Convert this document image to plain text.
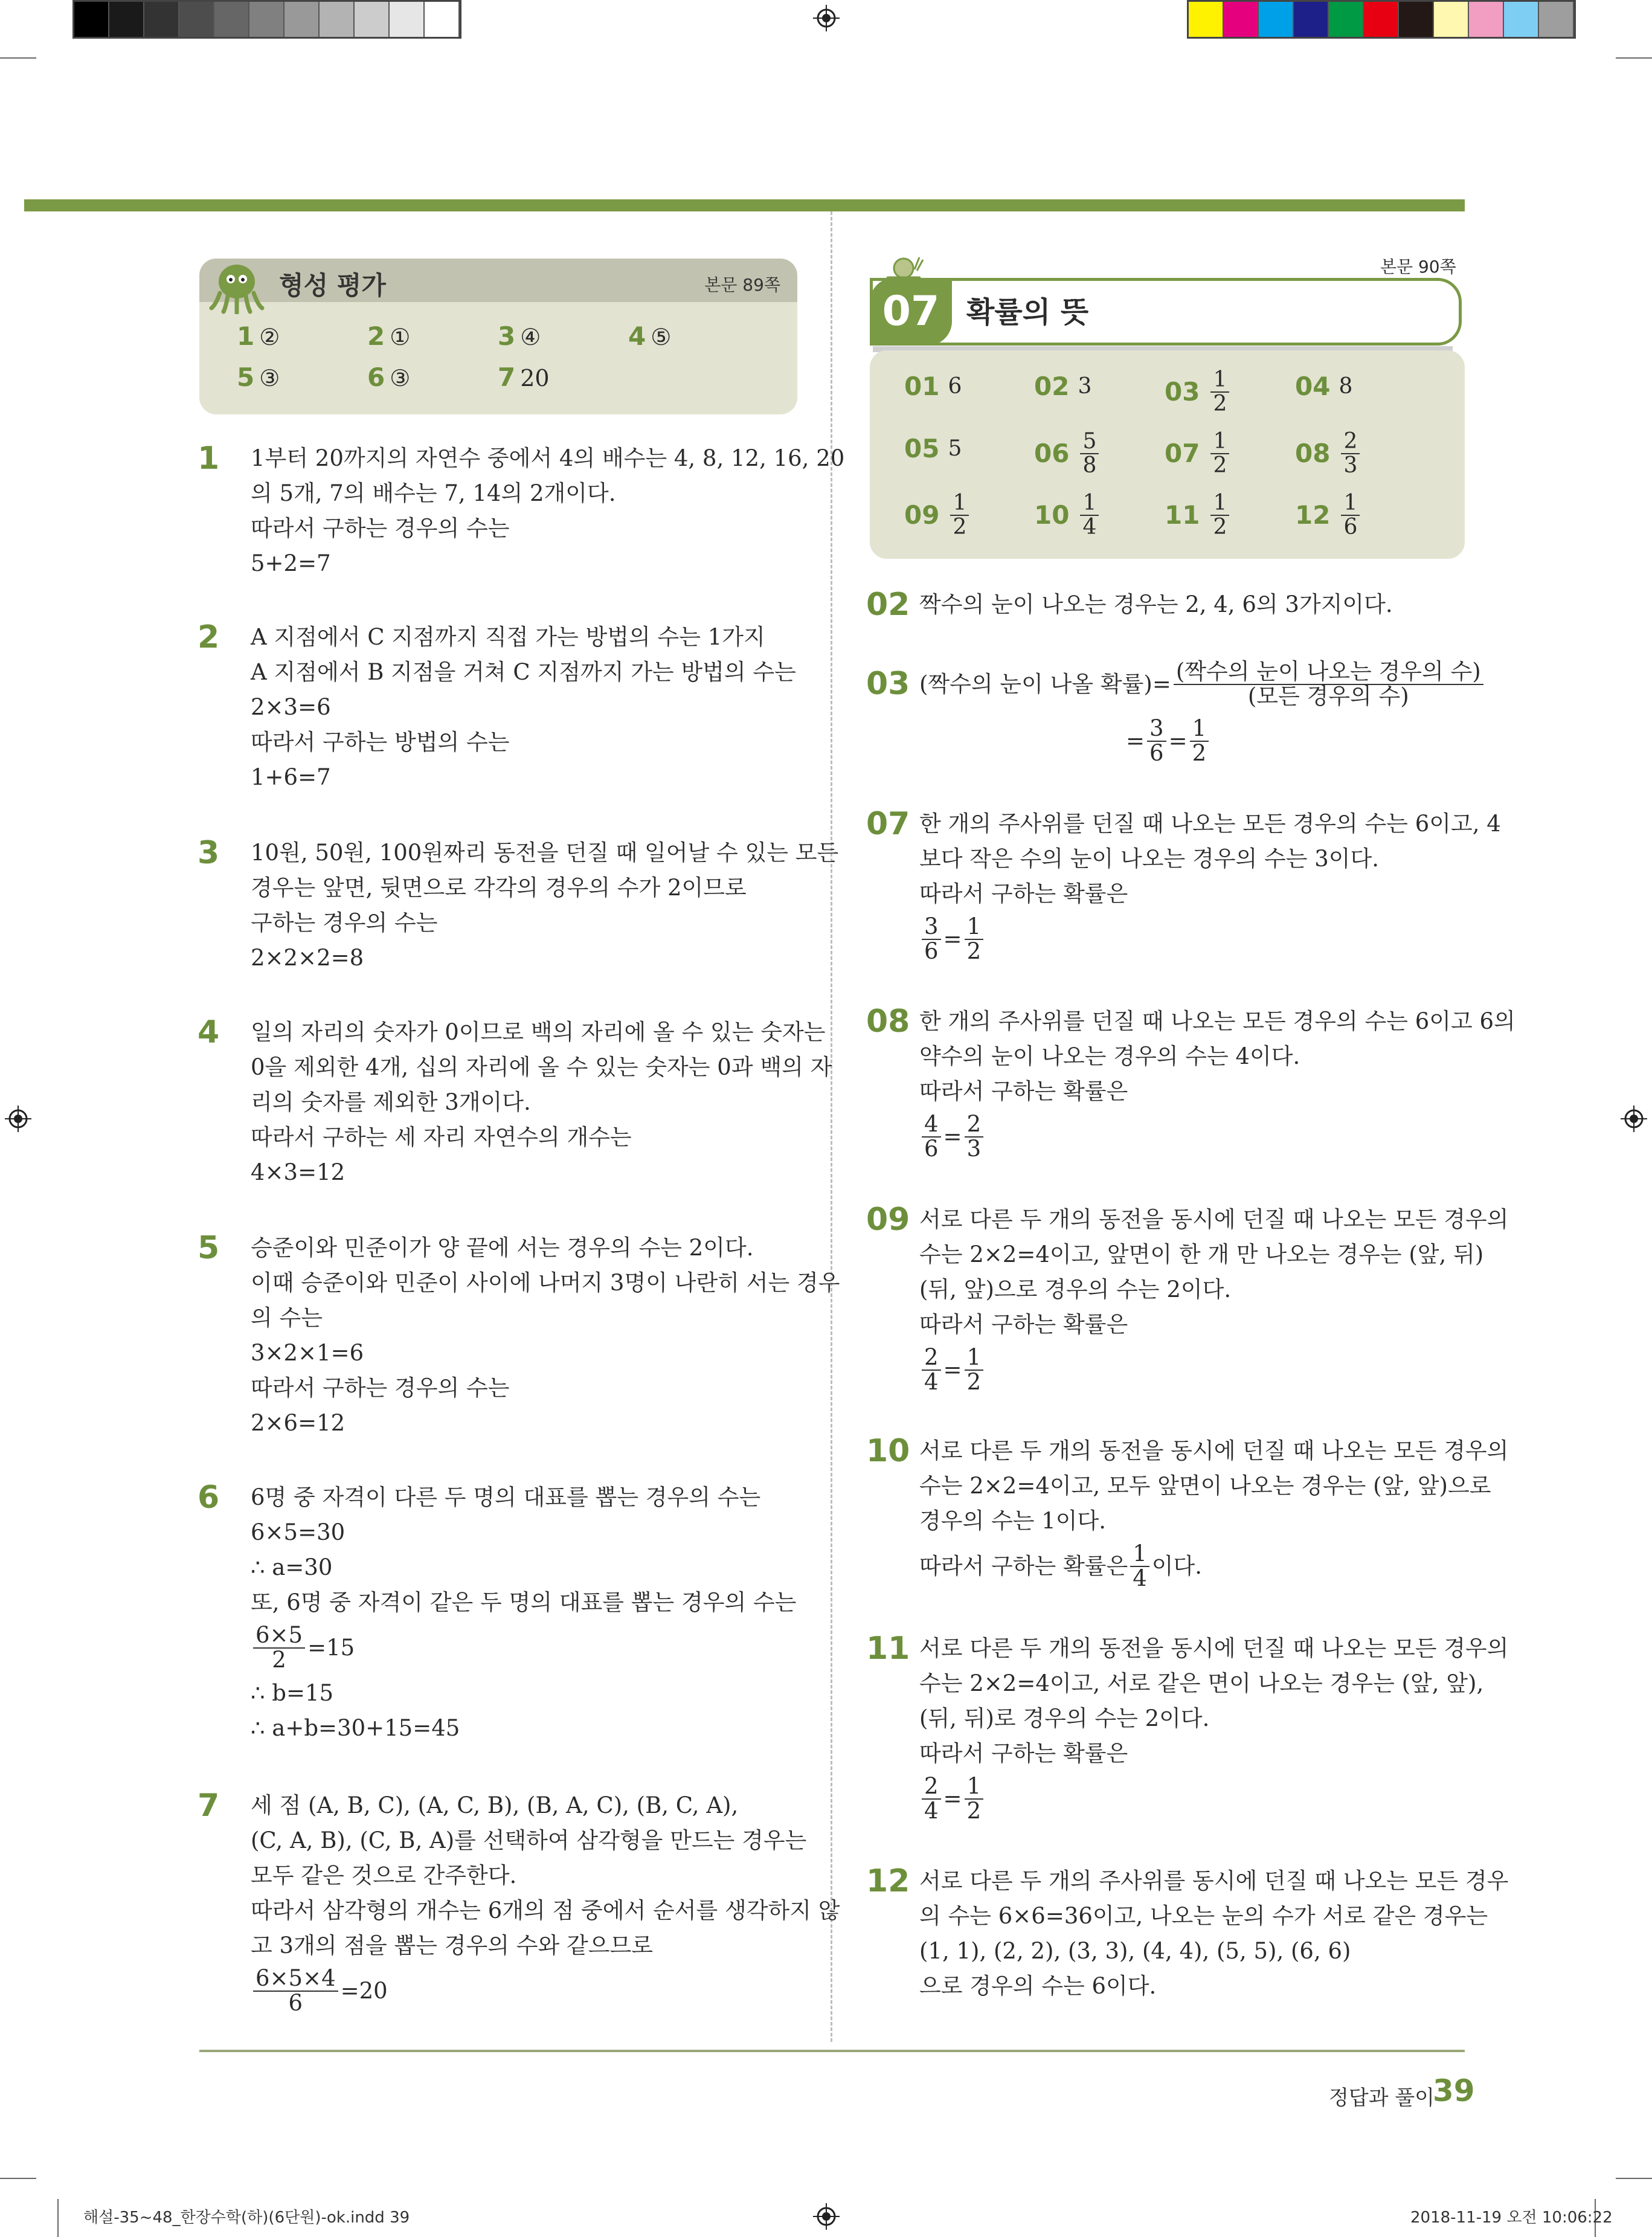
형성 평가	본문 89쪽
1 ②	2 ①	3 ④	4 ⑤
5 ③	6 ③	7 20
본문 90쪽
07 확률의 뜻
01 6	02 3	$03 \frac{1}{2}$	04 8
05 5	$06 \frac{5}{8}$	$07 \frac{1}{2}$	$08 \frac{2}{3}$
$09 \frac{1}{2}$	$10 \frac{1}{4}$	$11 \frac{1}{2}$	$12 \frac{1}{6}$
1 1부터 20까지의 자연수 중에서 4의 배수는 4, 8, 12, 16, 20
의 5개, 7의 배수는 7, 14의 2개이다.
따라서 구하는 경우의 수는
5+2=7
2 A 지점에서 C 지점까지 직접 가는 방법의 수는 1가지
A 지점에서 B 지점을 거쳐 C 지점까지 가는 방법의 수는
2×3=6
따라서 구하는 방법의 수는
1+6=7
3 10원, 50원, 100원짜리 동전을 던질 때 일어날 수 있는 모든
경우는 앞면, 뒷면으로 각각의 경우의 수가 2이므로
구하는 경우의 수는
2×2×2=8
4 일의 자리의 숫자가 0이므로 백의 자리에 올 수 있는 숫자는
0을 제외한 4개, 십의 자리에 올 수 있는 숫자는 0과 백의 자
리의 숫자를 제외한 3개이다.
따라서 구하는 세 자리 자연수의 개수는
4×3=12
5 승준이와 민준이가 양 끝에 서는 경우의 수는 2이다.
이때 승준이와 민준이 사이에 나머지 3명이 나란히 서는 경우
의 수는
3×2×1=6
따라서 구하는 경우의 수는
2×6=12
6 6명 중 자격이 다른 두 명의 대표를 뽑는 경우의 수는
6×5=30
∴ a=30
또, 6명 중 자격이 같은 두 명의 대표를 뽑는 경우의 수는
$\frac{6\times 5}{2} =15$
∴ b=15
∴ a+b=30+15=45
7 세 점 (A, B, C), (A, C, B), (B, A, C), (B, C, A),
(C, A, B), (C, B, A)를 선택하여 삼각형을 만드는 경우는
모두 같은 것으로 간주한다.
따라서 삼각형의 개수는 6개의 점 중에서 순서를 생각하지 않
고 3개의 점을 뽑는 경우의 수와 같으므로
$\frac{6\times 5\times 4}{6} =20$
02 짝수의 눈이 나오는 경우는 2, 4, 6의 3가지이다.
03 (짝수의 눈이 나올 확률)= $\frac{\text{(짝수의 눈이 나오는 경우의 수)}}{\text{(모든 경우의 수)}}$
= $\frac{3}{6} = \frac{1}{2}$
07 한 개의 주사위를 던질 때 나오는 모든 경우의 수는 6이고, 4
보다 작은 수의 눈이 나오는 경우의 수는 3이다.
따라서 구하는 확률은
$\frac{3}{6} = \frac{1}{2}$
08 한 개의 주사위를 던질 때 나오는 모든 경우의 수는 6이고 6의
약수의 눈이 나오는 경우의 수는 4이다.
따라서 구하는 확률은
$\frac{4}{6} = \frac{2}{3}$
09 서로 다른 두 개의 동전을 동시에 던질 때 나오는 모든 경우의
수는 2×2=4이고, 앞면이 한 개 만 나오는 경우는 (앞, 뒤)
(뒤, 앞)으로 경우의 수는 2이다.
따라서 구하는 확률은
$\frac{2}{4} = \frac{1}{2}$
10 서로 다른 두 개의 동전을 동시에 던질 때 나오는 모든 경우의
수는 2×2=4이고, 모두 앞면이 나오는 경우는 (앞, 앞)으로
경우의 수는 1이다.
따라서 구하는 확률은 $\frac{1}{4}$ 이다.
11 서로 다른 두 개의 동전을 동시에 던질 때 나오는 모든 경우의
수는 2×2=4이고, 서로 같은 면이 나오는 경우는 (앞, 앞),
(뒤, 뒤)로 경우의 수는 2이다.
따라서 구하는 확률은
$\frac{2}{4} = \frac{1}{2}$
12 서로 다른 두 개의 주사위를 동시에 던질 때 나오는 모든 경우
의 수는 6×6=36이고, 나오는 눈의 수가 서로 같은 경우는
(1, 1), (2, 2), (3, 3), (4, 4), (5, 5), (6, 6)
으로 경우의 수는 6이다.
정답과 풀이
39
해설-35~48_한장수학(하)(6단원)-ok.indd 39	2018-11-19 오전 10:06:22
